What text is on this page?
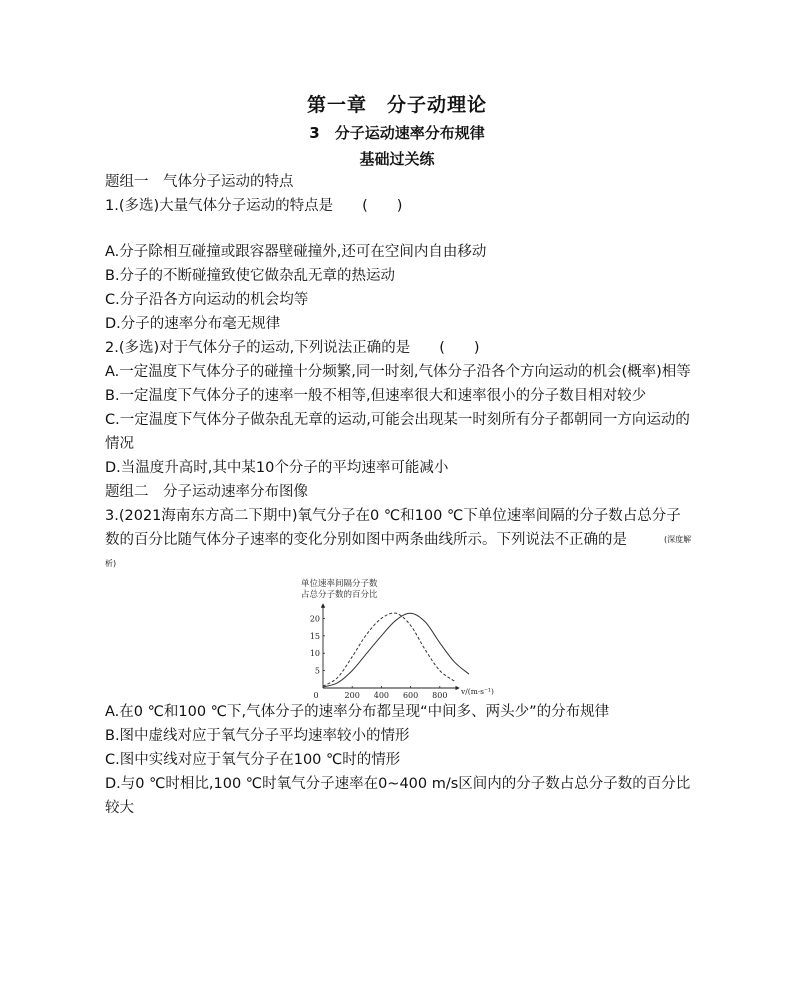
第一章　分子动理论
3　分子运动速率分布规律
基础过关练
题组一　气体分子运动的特点
1.(多选)大量气体分子运动的特点是　　(　　)
A.分子除相互碰撞或跟容器壁碰撞外,还可在空间内自由移动
B.分子的不断碰撞致使它做杂乱无章的热运动
C.分子沿各方向运动的机会均等
D.分子的速率分布毫无规律
2.(多选)对于气体分子的运动,下列说法正确的是　　(　　)
A.一定温度下气体分子的碰撞十分频繁,同一时刻,气体分子沿各个方向运动的机会(概率)相等
B.一定温度下气体分子的速率一般不相等,但速率很大和速率很小的分子数目相对较少
C.一定温度下气体分子做杂乱无章的运动,可能会出现某一时刻所有分子都朝同一方向运动的情况
D.当温度升高时,其中某10个分子的平均速率可能减小
题组二　分子运动速率分布图像
3.(2021海南东方高二下期中)氧气分子在0 ℃和100 ℃下单位速率间隔的分子数占总分子数的百分比随气体分子速率的变化分别如图中两条曲线所示。下列说法不正确的是　　(深度解析)
单位速率间隔分子数
占总分子数的百分比
0	200 400 600 800
5
10
15
20
v/(m·s⁻¹)
A.在0 ℃和100 ℃下,气体分子的速率分布都呈现“中间多、两头少”的分布规律
B.图中虚线对应于氧气分子平均速率较小的情形
C.图中实线对应于氧气分子在100 ℃时的情形
D.与0 ℃时相比,100 ℃时氧气分子速率在0~400 m/s区间内的分子数占总分子数的百分比较大
